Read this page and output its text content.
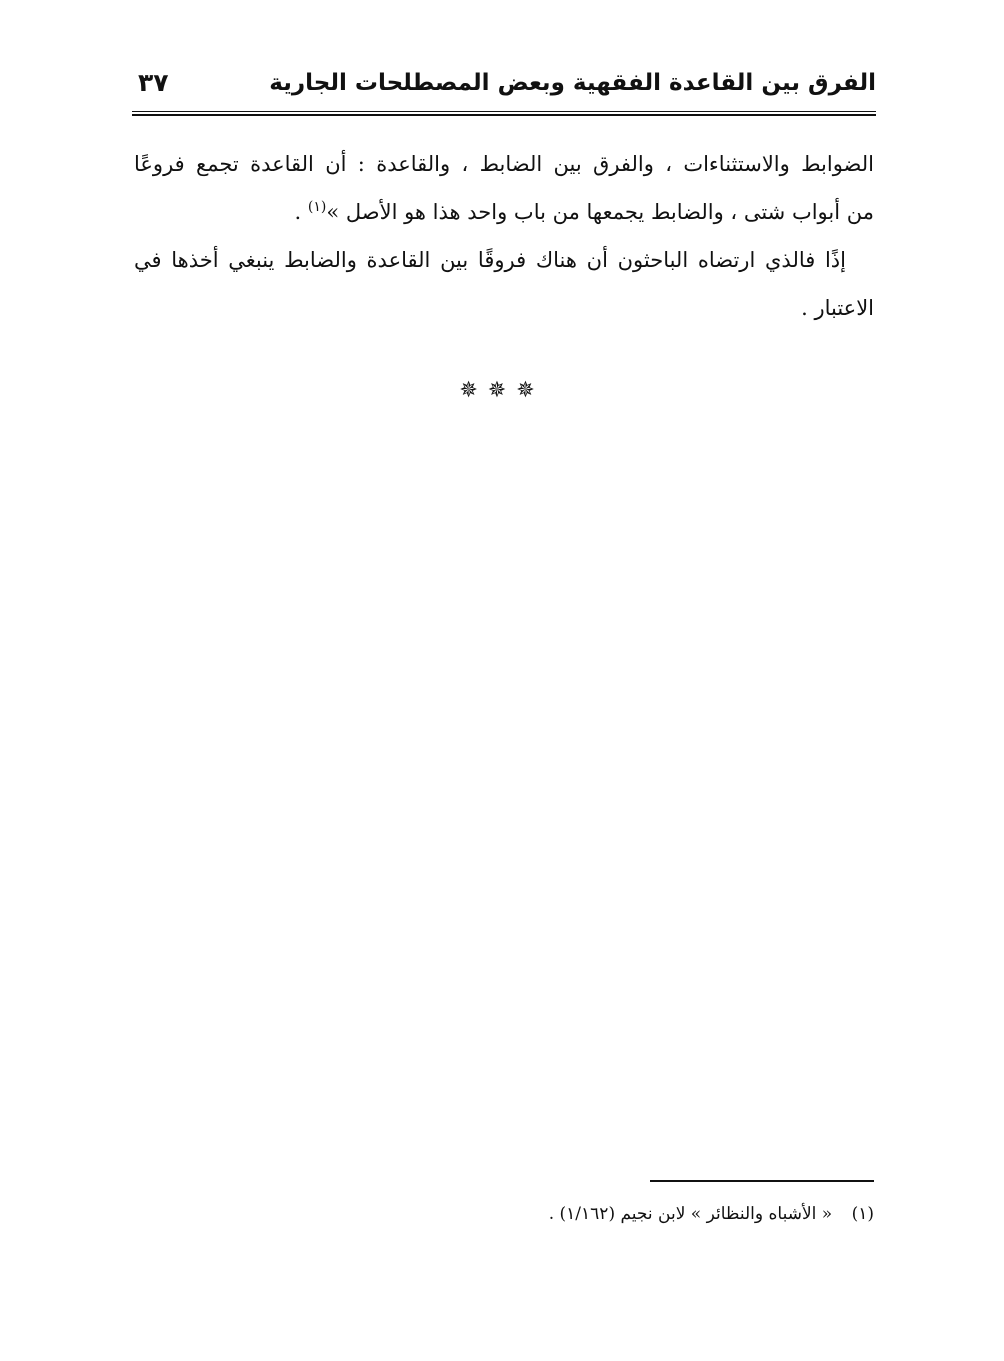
الفرق بين القاعدة الفقهية وبعض المصطلحات الجارية
٣٧
الضوابط والاستثناءات ، والفرق بين الضابط ، والقاعدة : أن القاعدة تجمع فروعًا
من أبواب شتى ، والضابط يجمعها من باب واحد هذا هو الأصل »$^{(١)}$ .
إذًا فالذي ارتضاه الباحثون أن هناك فروقًا بين القاعدة والضابط ينبغي أخذها في
الاعتبار .
✵✵✵
(١) « الأشباه والنظائر » لابن نجيم (١/١٦٢) .
